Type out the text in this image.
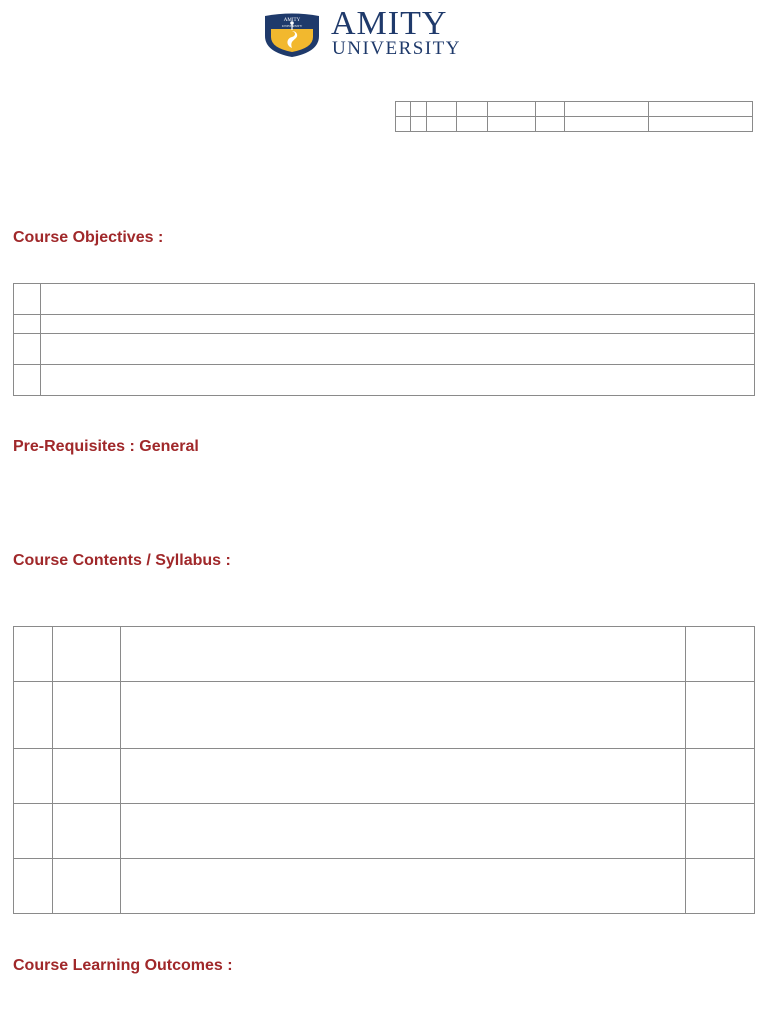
AMITY
UNIVERSITY AMITY
UNIVERSITY

Course Objectives :

Pre-Requisites : General
Course Contents / Syllabus :

Course Learning Outcomes :
